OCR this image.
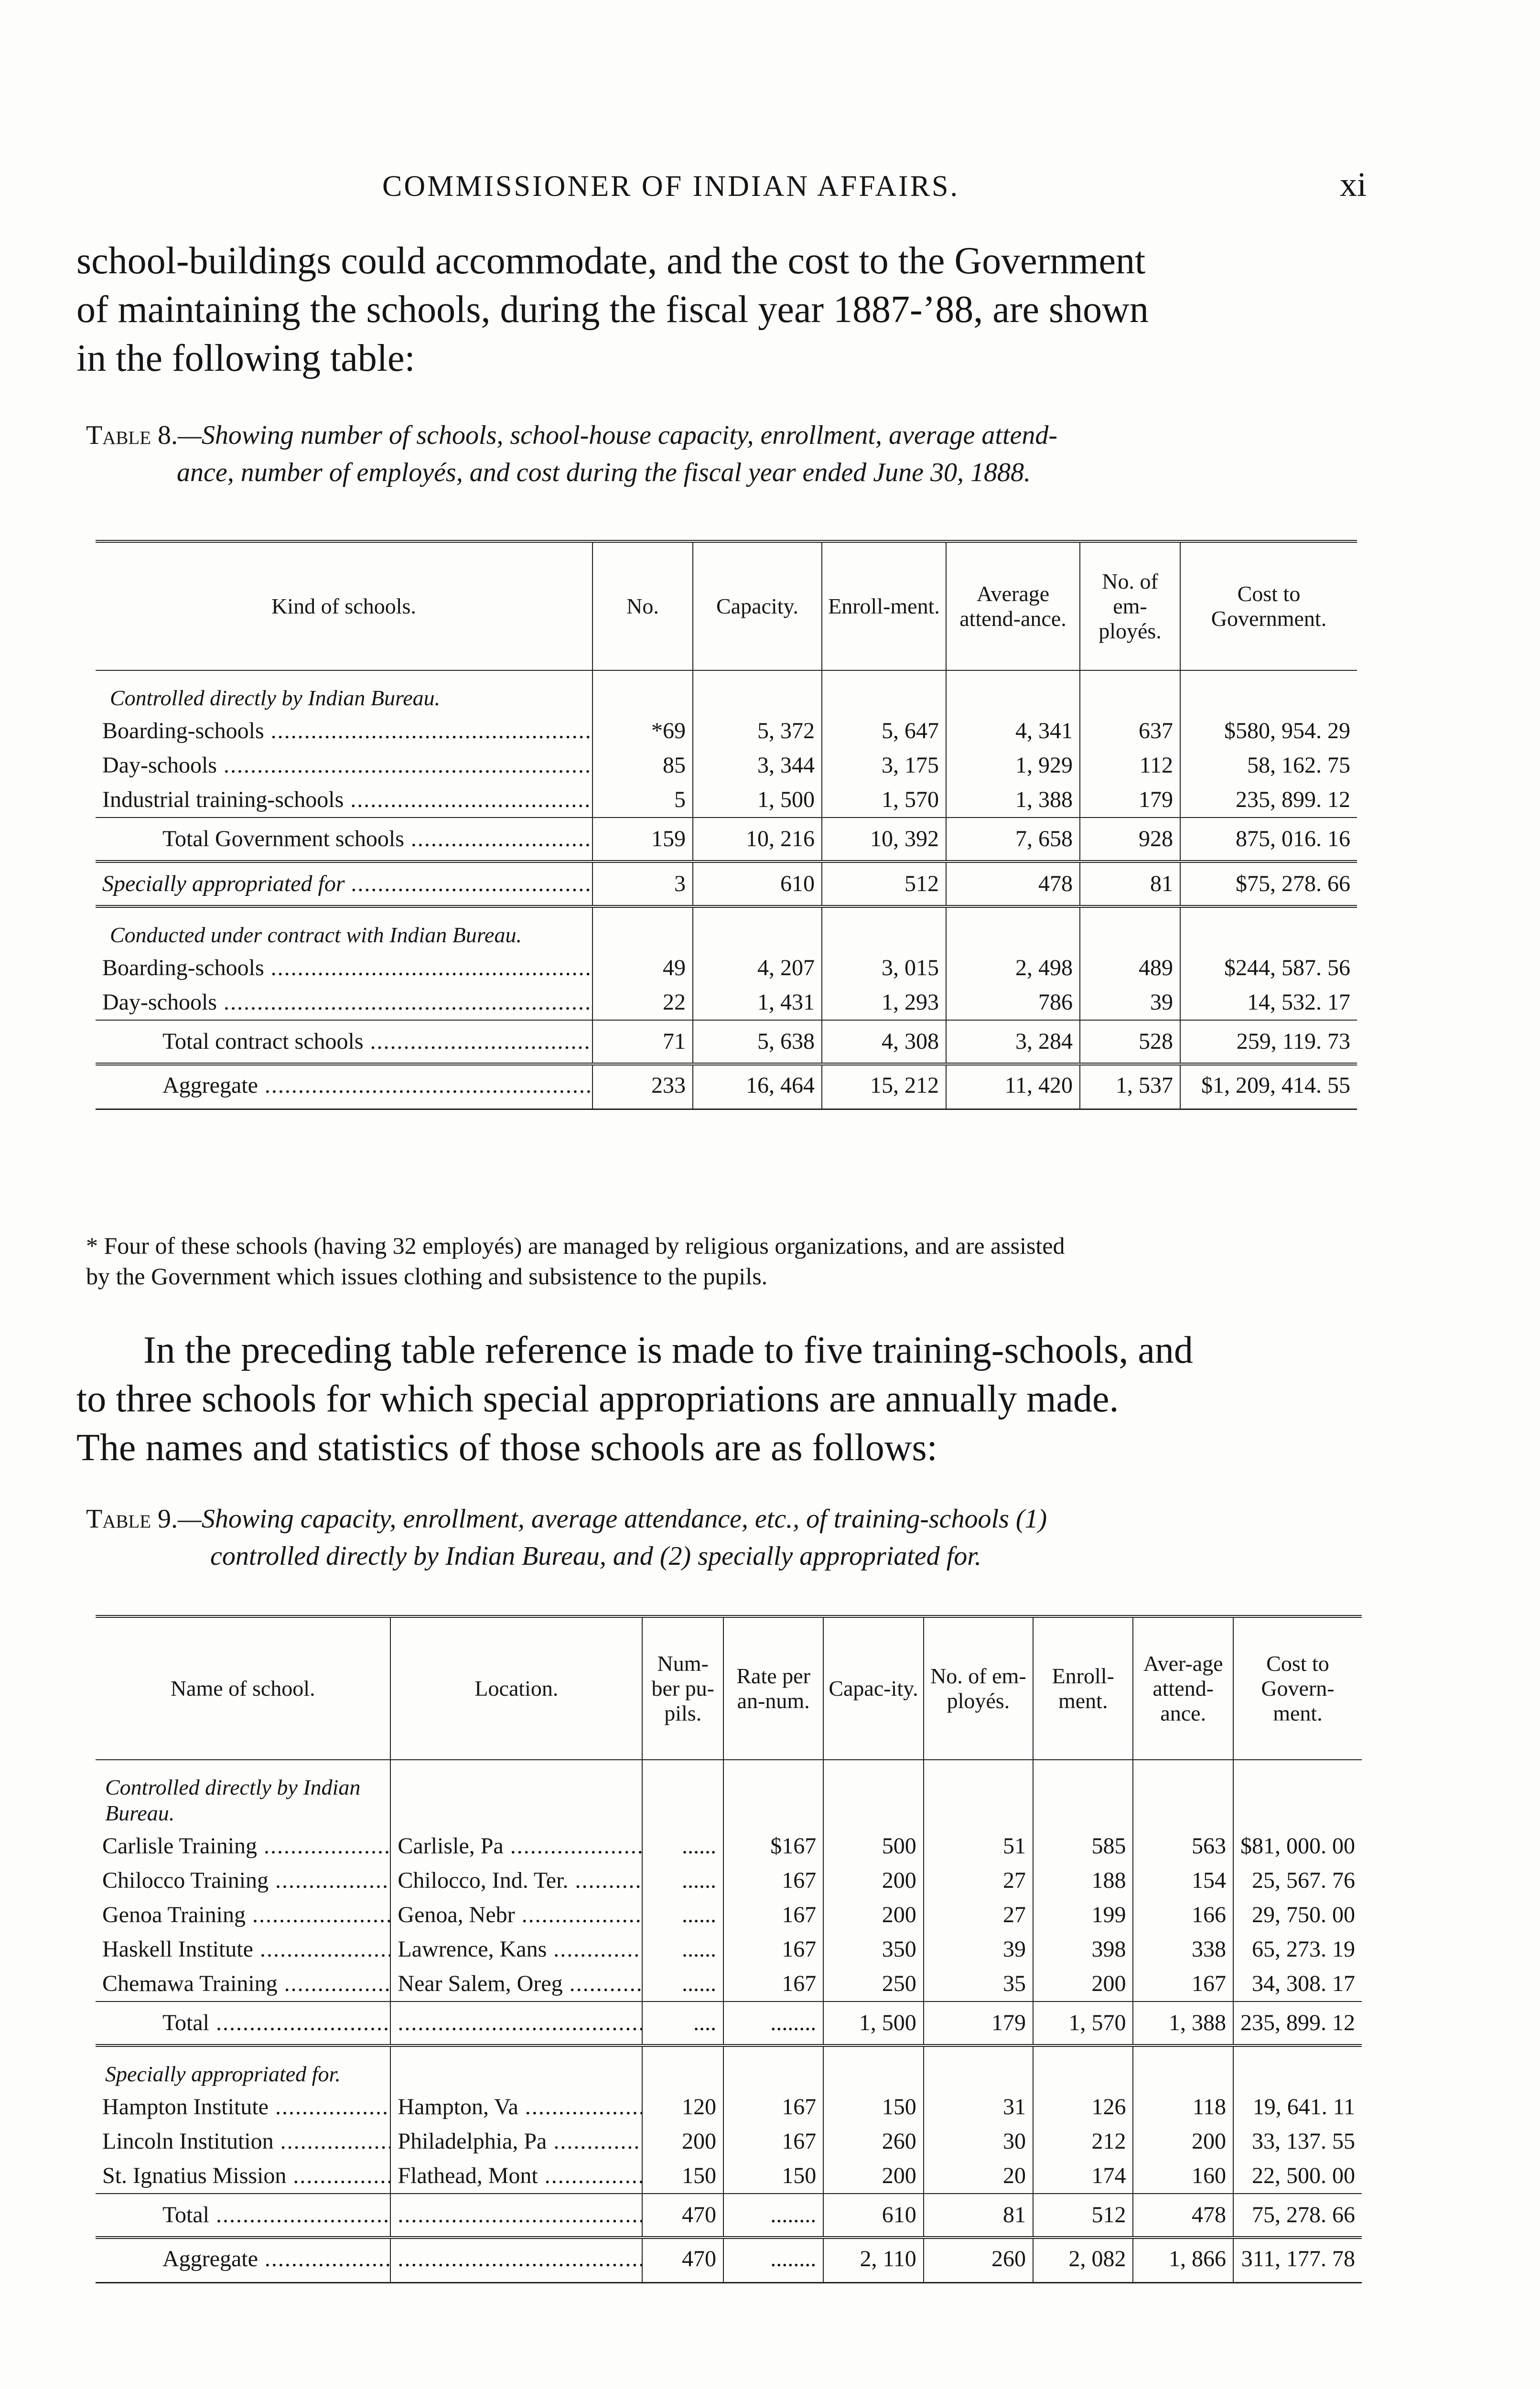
COMMISSIONER OF INDIAN AFFAIRS.	xi
school-buildings could accommodate, and the cost to the Government
of maintaining the schools, during the fiscal year 1887-’88, are shown
in the following table:
Table 8.—Showing number of schools, school-house capacity, enrollment, average attend-
ance, number of employés, and cost during the fiscal year ended June 30, 1888.
Kind of schools.	No.	Capacity.	Enroll-ment.	Average attend-ance.	No. of em-ployés.	Cost to Government.
Controlled directly by Indian Bureau.						
Boarding-schools .....	*69	5, 372	5, 647	4, 341	637	$580, 954. 29
Day-schools .....	85	3, 344	3, 175	1, 929	112	58, 162. 75
Industrial training-schools .....	5	1, 500	1, 570	1, 388	179	235, 899. 12
Total Government schools .....	159	10, 216	10, 392	7, 658	928	875, 016. 16
Specially appropriated for .....	3	610	512	478	81	$75, 278. 66
Conducted under contract with Indian Bureau.						
Boarding-schools .....	49	4, 207	3, 015	2, 498	489	$244, 587. 56
Day-schools .....	22	1, 431	1, 293	786	39	14, 532. 17
Total contract schools .....	71	5, 638	4, 308	3, 284	528	259, 119. 73
Aggregate .....	233	16, 464	15, 212	11, 420	1, 537	$1, 209, 414. 55
* Four of these schools (having 32 employés) are managed by religious organizations, and are assisted
by the Government which issues clothing and subsistence to the pupils.
In the preceding table reference is made to five training-schools, and
to three schools for which special appropriations are annually made.
The names and statistics of those schools are as follows:
Table 9.—Showing capacity, enrollment, average attendance, etc., of training-schools (1)
controlled directly by Indian Bureau, and (2) specially appropriated for.
Name of school.	Location.	Num-ber pu-pils.	Rate per an-num.	Capac-ity.	No. of em-ployés.	Enroll-ment.	Aver-age attend-ance.	Cost to Govern-ment.
Controlled directly by Indian Bureau.								
Carlisle Training .....	Carlisle, Pa .....	......	$167	500	51	585	563	$81, 000. 00
Chilocco Training .....	Chilocco, Ind. Ter. .....	......	167	200	27	188	154	25, 567. 76
Genoa Training .....	Genoa, Nebr .....	......	167	200	27	199	166	29, 750. 00
Haskell Institute .....	Lawrence, Kans .....	......	167	350	39	398	338	65, 273. 19
Chemawa Training .....	Near Salem, Oreg .....	......	167	250	35	200	167	34, 308. 17
Total .....	.....	....	........	1, 500	179	1, 570	1, 388	235, 899. 12
Specially appropriated for.								
Hampton Institute .....	Hampton, Va .....	120	167	150	31	126	118	19, 641. 11
Lincoln Institution .....	Philadelphia, Pa .....	200	167	260	30	212	200	33, 137. 55
St. Ignatius Mission .....	Flathead, Mont .....	150	150	200	20	174	160	22, 500. 00
Total .....	.....	470	........	610	81	512	478	75, 278. 66
Aggregate .....	.....	470	........	2, 110	260	2, 082	1, 866	311, 177. 78
